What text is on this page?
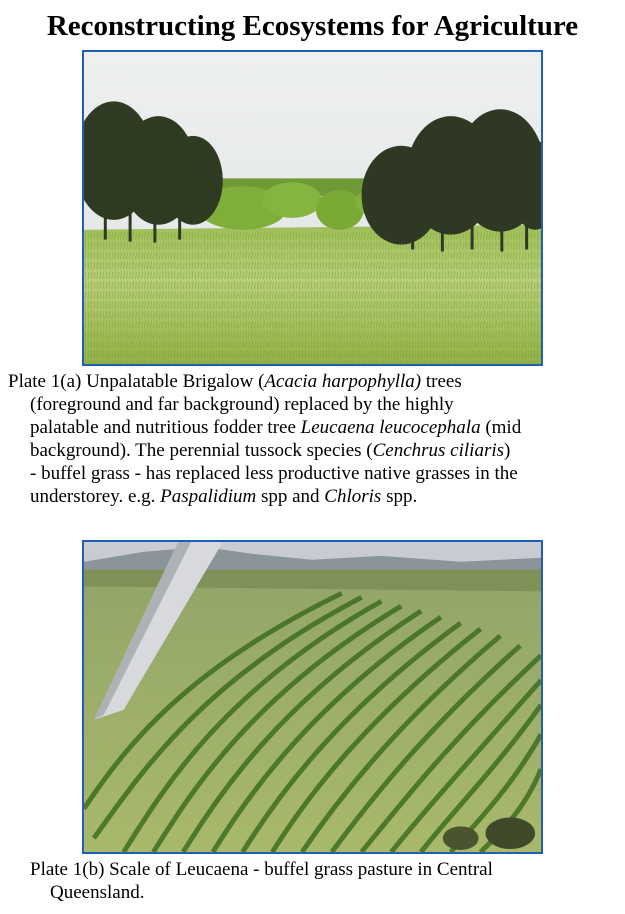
Reconstructing Ecosystems for Agriculture
Plate 1(a) Unpalatable Brigalow (Acacia harpophylla) trees
(foreground and far background) replaced by the highly
palatable and nutritious fodder tree Leucaena leucocephala (mid
background). The perennial tussock species (Cenchrus ciliaris)
- buffel grass - has replaced less productive native grasses in the
understorey. e.g. Paspalidium spp and Chloris spp.
Plate 1(b) Scale of Leucaena - buffel grass pasture in Central
Queensland.
